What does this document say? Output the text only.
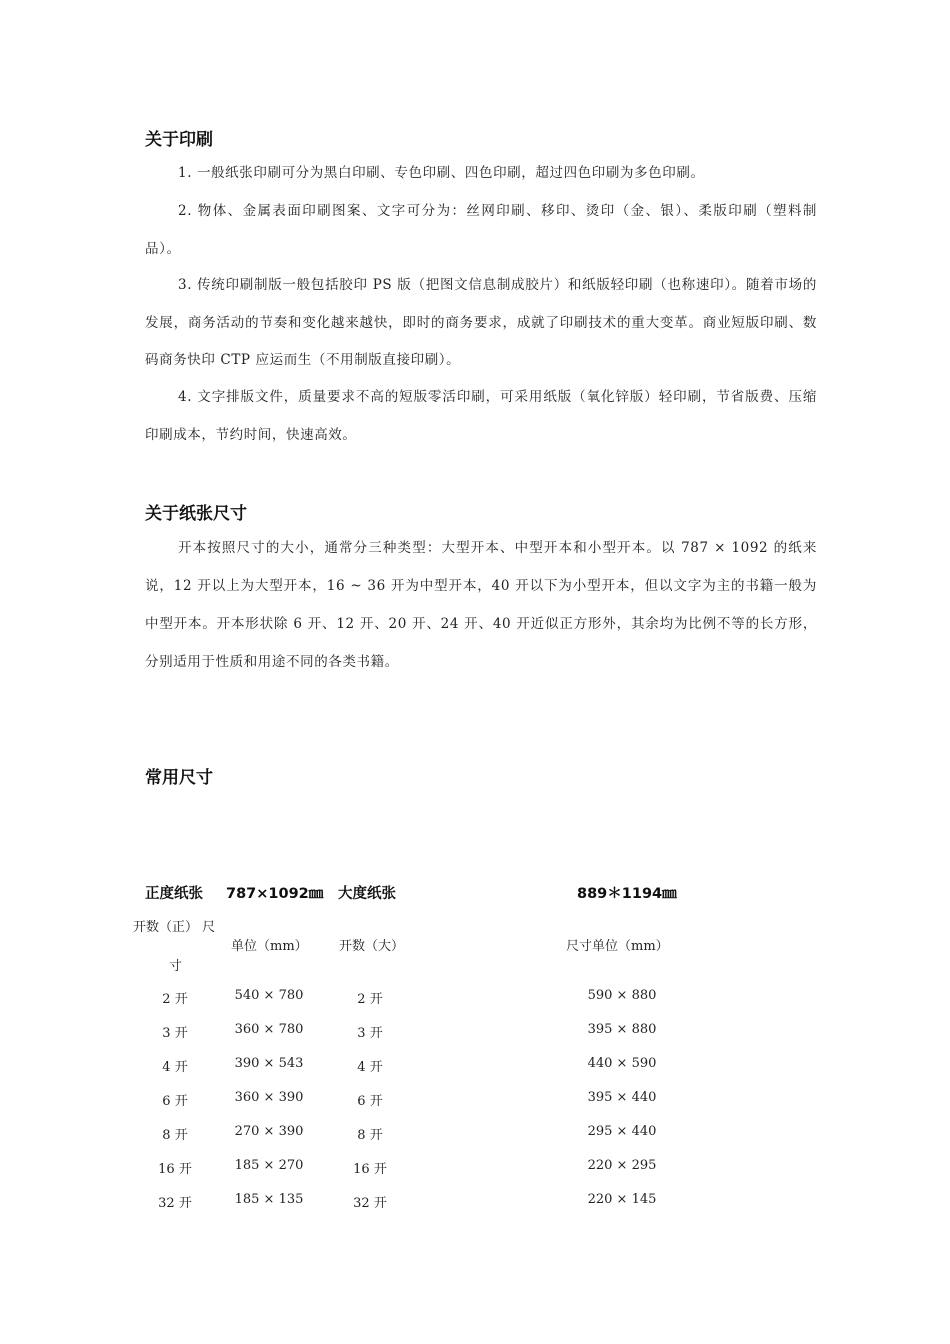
关于印刷
1. 一般纸张印刷可分为黑白印刷、专色印刷、四色印刷，超过四色印刷为多色印刷。
2. 物体、金属表面印刷图案、文字可分为：丝网印刷、移印、烫印（金、银）、柔版印刷（塑料制品）。
3. 传统印刷制版一般包括胶印 PS 版（把图文信息制成胶片）和纸版轻印刷（也称速印）。随着市场的发展，商务活动的节奏和变化越来越快，即时的商务要求，成就了印刷技术的重大变革。商业短版印刷、数码商务快印 CTP 应运而生（不用制版直接印刷）。
4. 文字排版文件，质量要求不高的短版零活印刷，可采用纸版（氧化锌版）轻印刷，节省版费、压缩印刷成本，节约时间，快速高效。
关于纸张尺寸
开本按照尺寸的大小，通常分三种类型：大型开本、中型开本和小型开本。以 787 × 1092 的纸来说，12 开以上为大型开本，16 ~ 36 开为中型开本，40 开以下为小型开本，但以文字为主的书籍一般为中型开本。开本形状除 6 开、12 开、20 开、24 开、40 开近似正方形外，其余均为比例不等的长方形，分别适用于性质和用途不同的各类书籍。
常用尺寸
正度纸张 787×1092㎜ 大度纸张	889＊1194㎜
开数（正） 尺
寸
单位（mm） 开数（大）	尺寸单位（mm）
2 开	540 × 780	2 开	590 × 880
3 开	360 × 780	3 开	395 × 880
4 开	390 × 543	4 开	440 × 590
6 开	360 × 390	6 开	395 × 440
8 开	270 × 390	8 开	295 × 440
16 开	185 × 270	16 开	220 × 295
32 开	185 × 135	32 开	220 × 145
